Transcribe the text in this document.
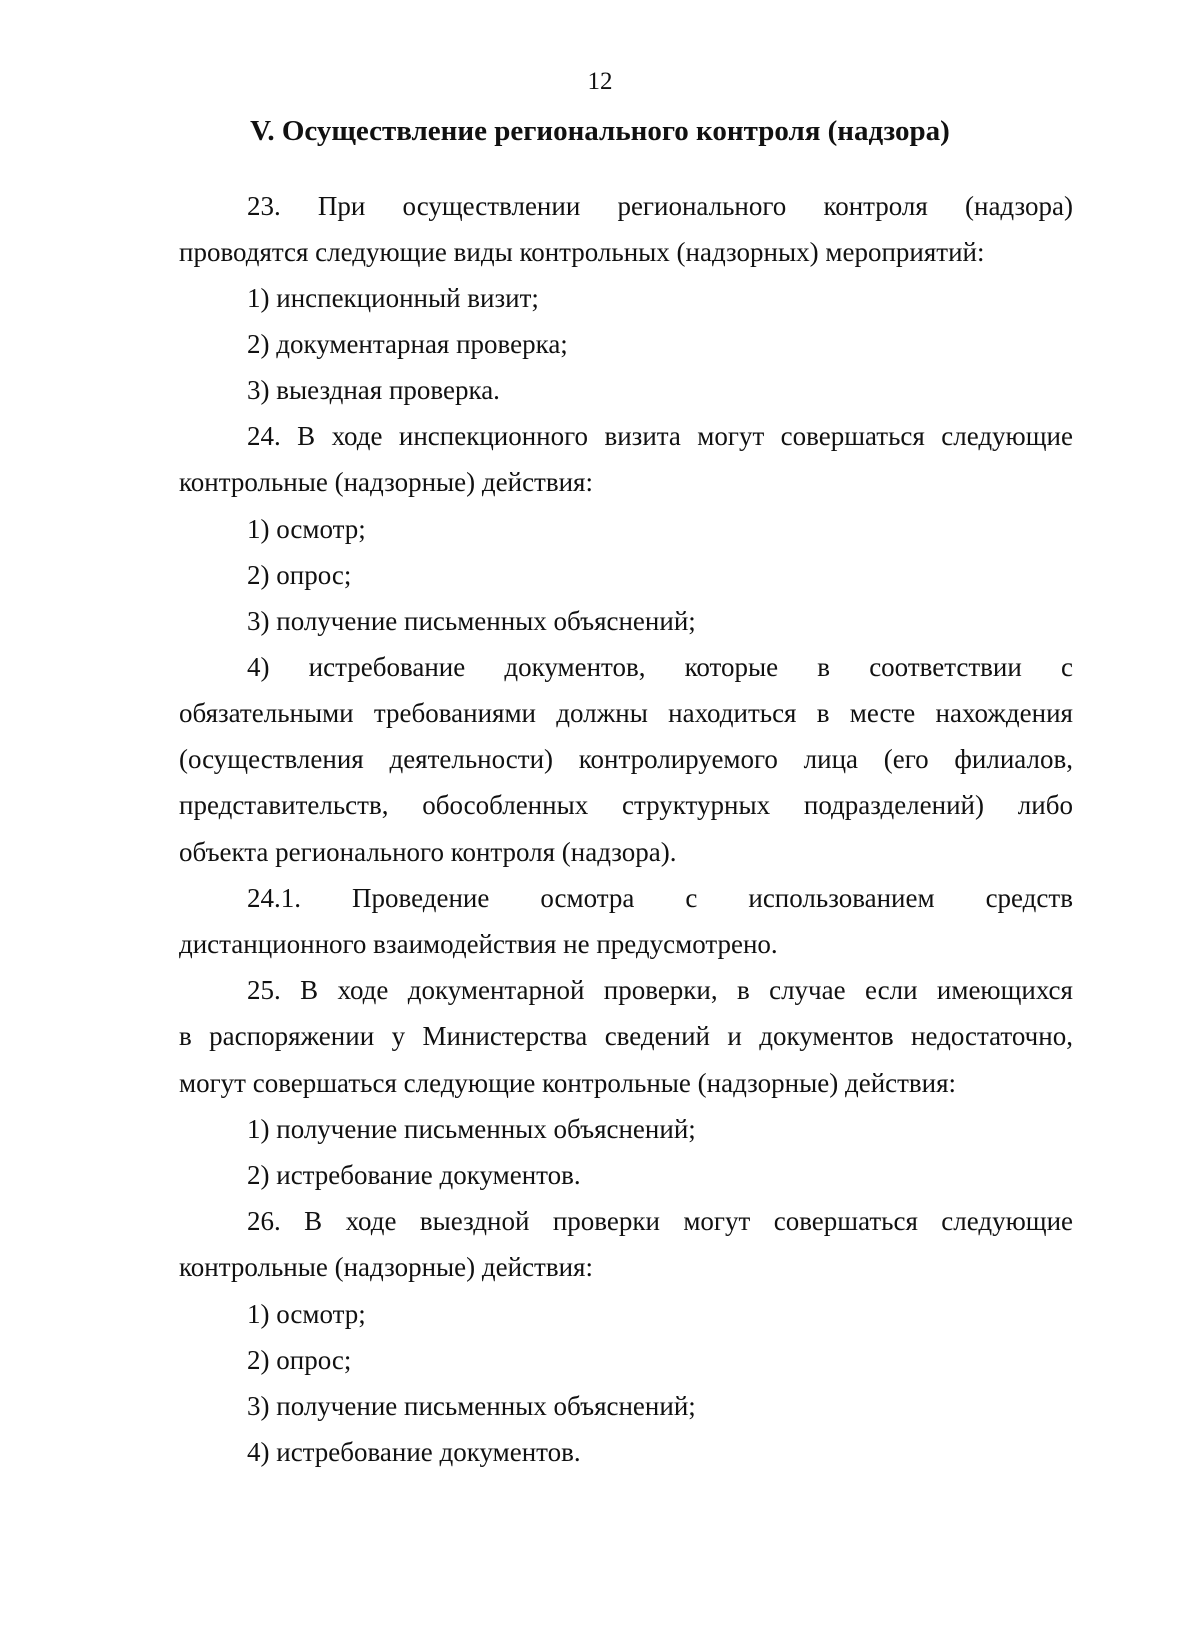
12
V. Осуществление регионального контроля (надзора)
23. При осуществлении регионального контроля (надзора)
проводятся следующие виды контрольных (надзорных) мероприятий:
1) инспекционный визит;
2) документарная проверка;
3) выездная проверка.
24. В ходе инспекционного визита могут совершаться следующие
контрольные (надзорные) действия:
1) осмотр;
2) опрос;
3) получение письменных объяснений;
4) истребование документов, которые в соответствии с
обязательными требованиями должны находиться в месте нахождения
(осуществления деятельности) контролируемого лица (его филиалов,
представительств, обособленных структурных подразделений) либо
объекта регионального контроля (надзора).
24.1. Проведение осмотра с использованием средств
дистанционного взаимодействия не предусмотрено.
25. В ходе документарной проверки, в случае если имеющихся
в распоряжении у Министерства сведений и документов недостаточно,
могут совершаться следующие контрольные (надзорные) действия:
1) получение письменных объяснений;
2) истребование документов.
26. В ходе выездной проверки могут совершаться следующие
контрольные (надзорные) действия:
1) осмотр;
2) опрос;
3) получение письменных объяснений;
4) истребование документов.
